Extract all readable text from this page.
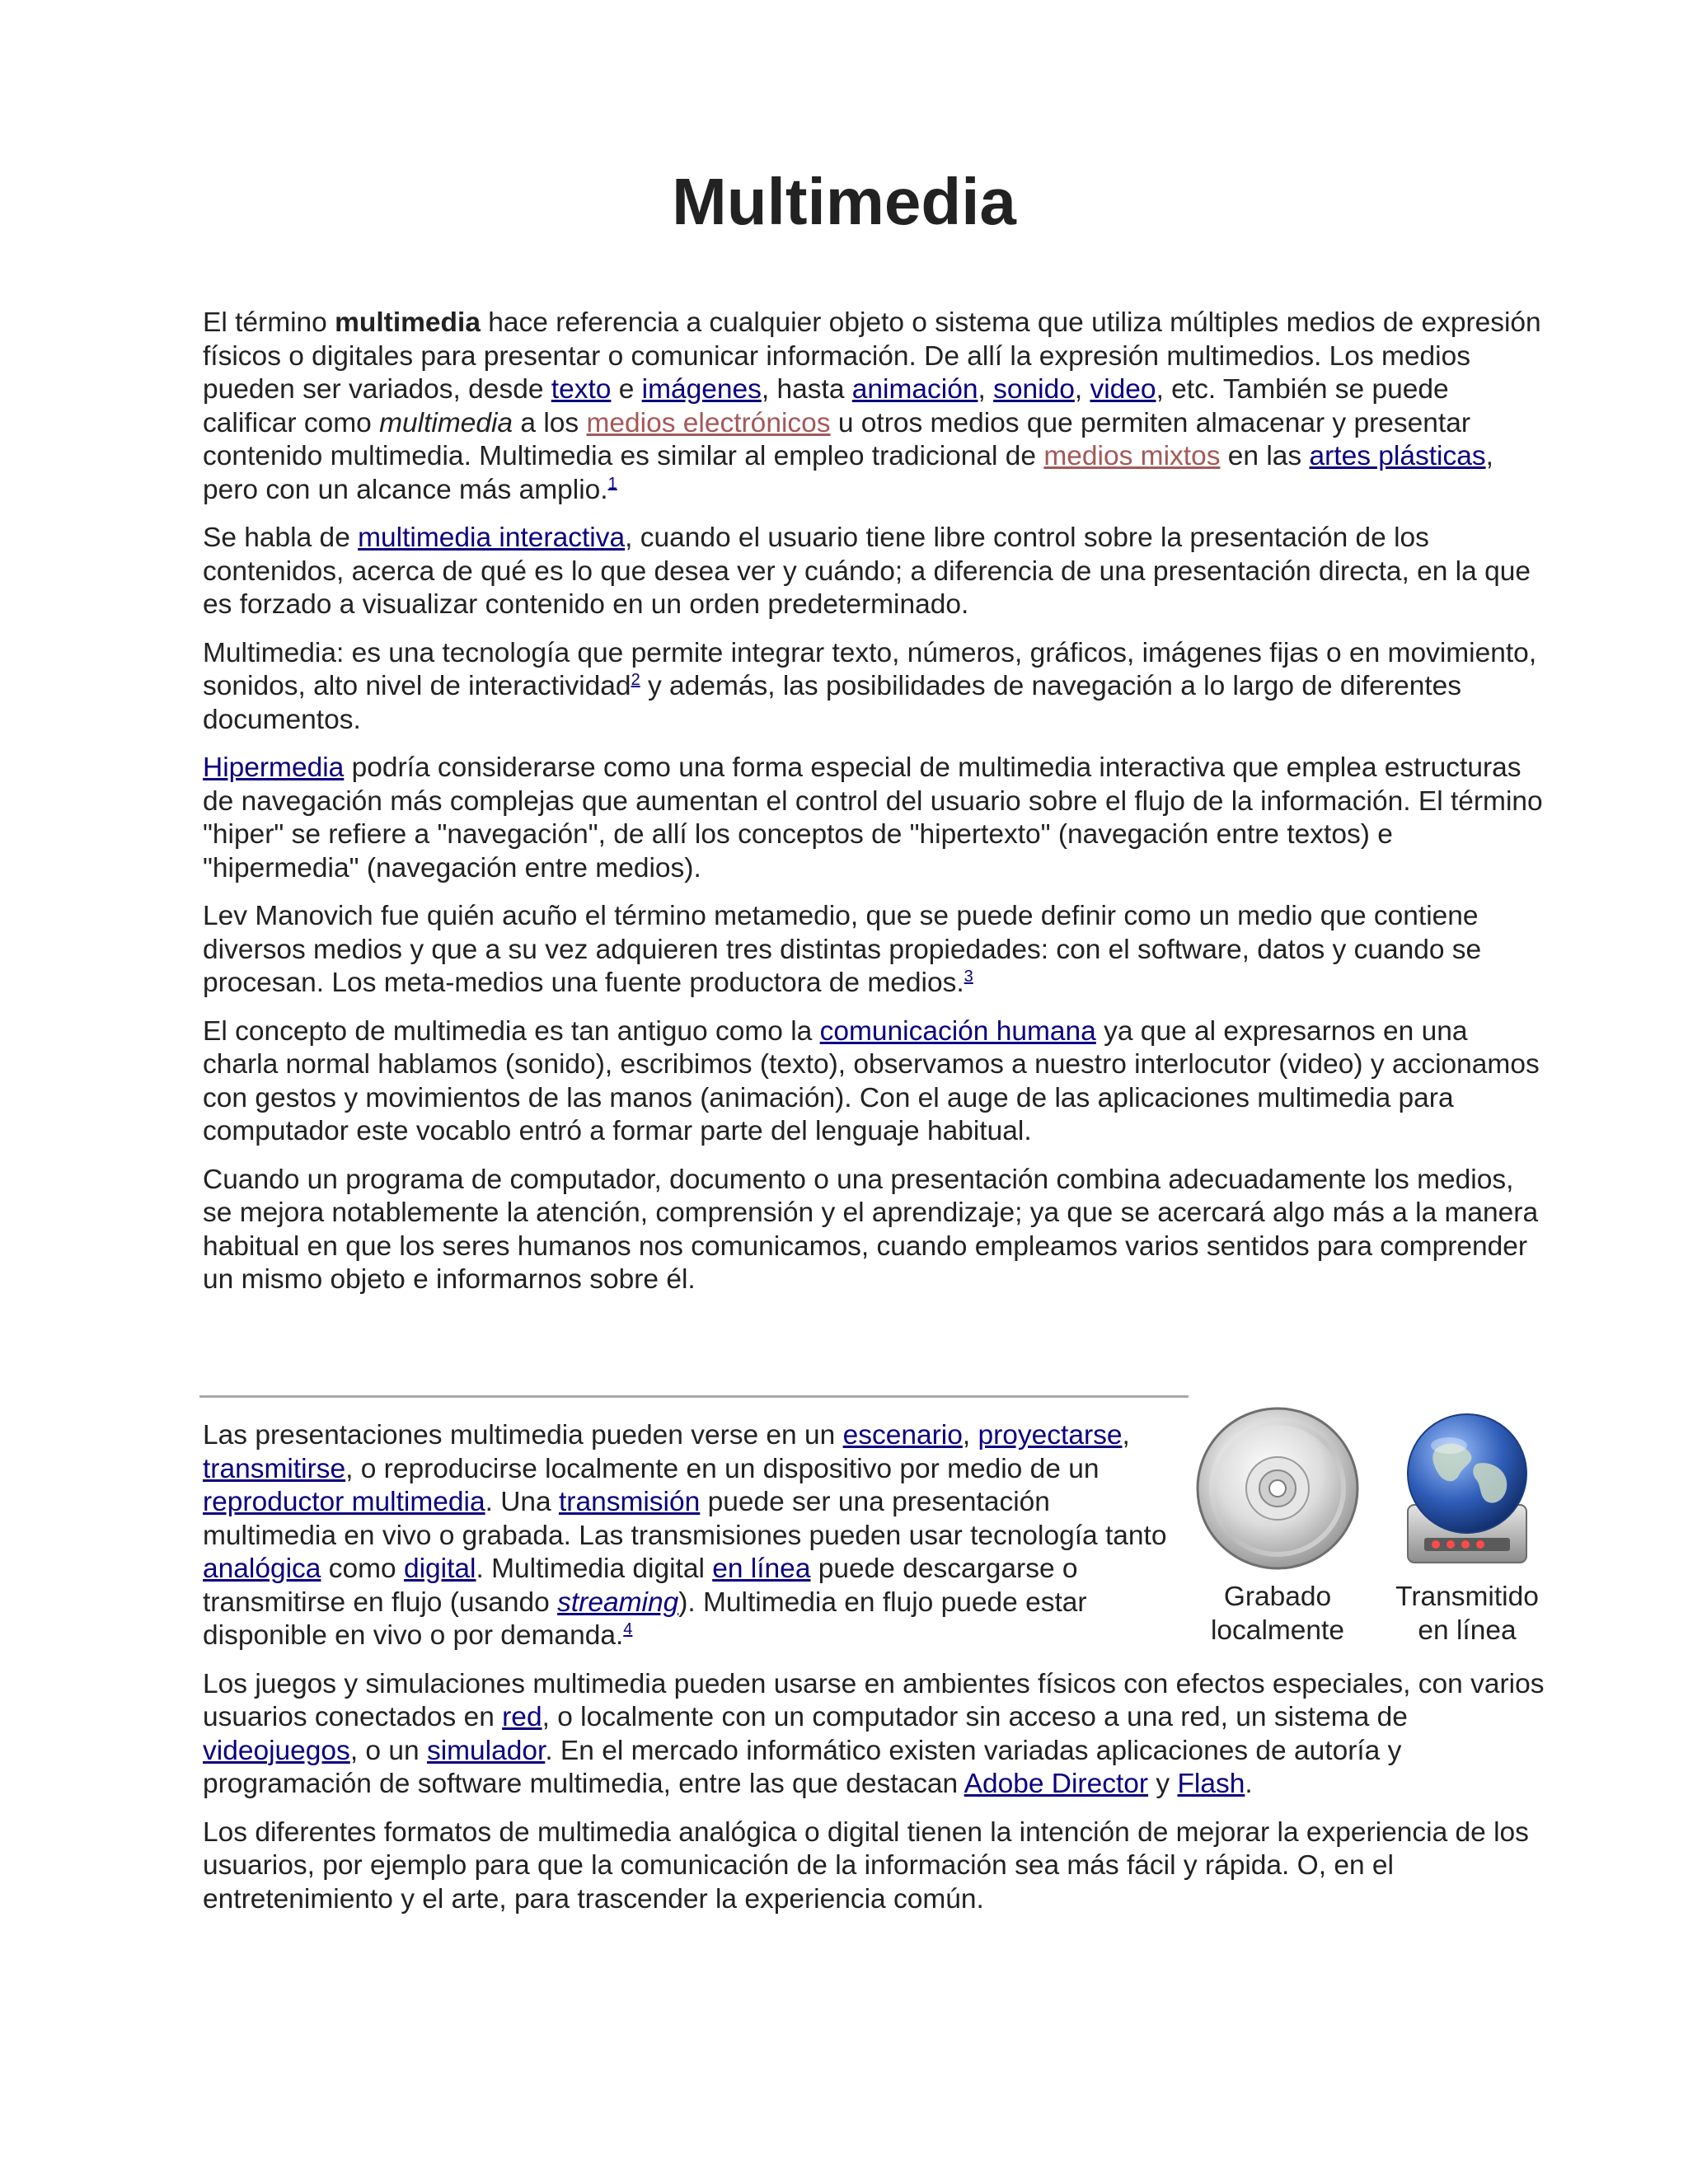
Multimedia

El término multimedia hace referencia a cualquier objeto o sistema que utiliza múltiples medios de expresión físicos o digitales para presentar o comunicar información. De allí la expresión multimedios. Los medios pueden ser variados, desde texto e imágenes, hasta animación, sonido, video, etc. También se puede calificar como multimedia a los medios electrónicos u otros medios que permiten almacenar y presentar contenido multimedia. Multimedia es similar al empleo tradicional de medios mixtos en las artes plásticas, pero con un alcance más amplio.$^1$

Se habla de multimedia interactiva, cuando el usuario tiene libre control sobre la presentación de los contenidos, acerca de qué es lo que desea ver y cuándo; a diferencia de una presentación directa, en la que es forzado a visualizar contenido en un orden predeterminado.

Multimedia: es una tecnología que permite integrar texto, números, gráficos, imágenes fijas o en movimiento, sonidos, alto nivel de interactividad$^2$ y además, las posibilidades de navegación a lo largo de diferentes documentos.

Hipermedia podría considerarse como una forma especial de multimedia interactiva que emplea estructuras de navegación más complejas que aumentan el control del usuario sobre el flujo de la información. El término "hiper" se refiere a "navegación", de allí los conceptos de "hipertexto" (navegación entre textos) e "hipermedia" (navegación entre medios).

Lev Manovich fue quién acuño el término metamedio, que se puede definir como un medio que contiene diversos medios y que a su vez adquieren tres distintas propiedades: con el software, datos y cuando se procesan. Los meta-medios una fuente productora de medios.$^3$

El concepto de multimedia es tan antiguo como la comunicación humana ya que al expresarnos en una charla normal hablamos (sonido), escribimos (texto), observamos a nuestro interlocutor (video) y accionamos con gestos y movimientos de las manos (animación). Con el auge de las aplicaciones multimedia para computador este vocablo entró a formar parte del lenguaje habitual.

Cuando un programa de computador, documento o una presentación combina adecuadamente los medios, se mejora notablemente la atención, comprensión y el aprendizaje; ya que se acercará algo más a la manera habitual en que los seres humanos nos comunicamos, cuando empleamos varios sentidos para comprender un mismo objeto e informarnos sobre él.

Grabado
localmente
Transmitido
en línea

Las presentaciones multimedia pueden verse en un escenario, proyectarse, transmitirse, o reproducirse localmente en un dispositivo por medio de un reproductor multimedia. Una transmisión puede ser una presentación multimedia en vivo o grabada. Las transmisiones pueden usar tecnología tanto analógica como digital. Multimedia digital en línea puede descargarse o transmitirse en flujo (usando streaming). Multimedia en flujo puede estar disponible en vivo o por demanda.$^4$

Los juegos y simulaciones multimedia pueden usarse en ambientes físicos con efectos especiales, con varios usuarios conectados en red, o localmente con un computador sin acceso a una red, un sistema de videojuegos, o un simulador. En el mercado informático existen variadas aplicaciones de autoría y programación de software multimedia, entre las que destacan Adobe Director y Flash.

Los diferentes formatos de multimedia analógica o digital tienen la intención de mejorar la experiencia de los usuarios, por ejemplo para que la comunicación de la información sea más fácil y rápida. O, en el entretenimiento y el arte, para trascender la experiencia común.
